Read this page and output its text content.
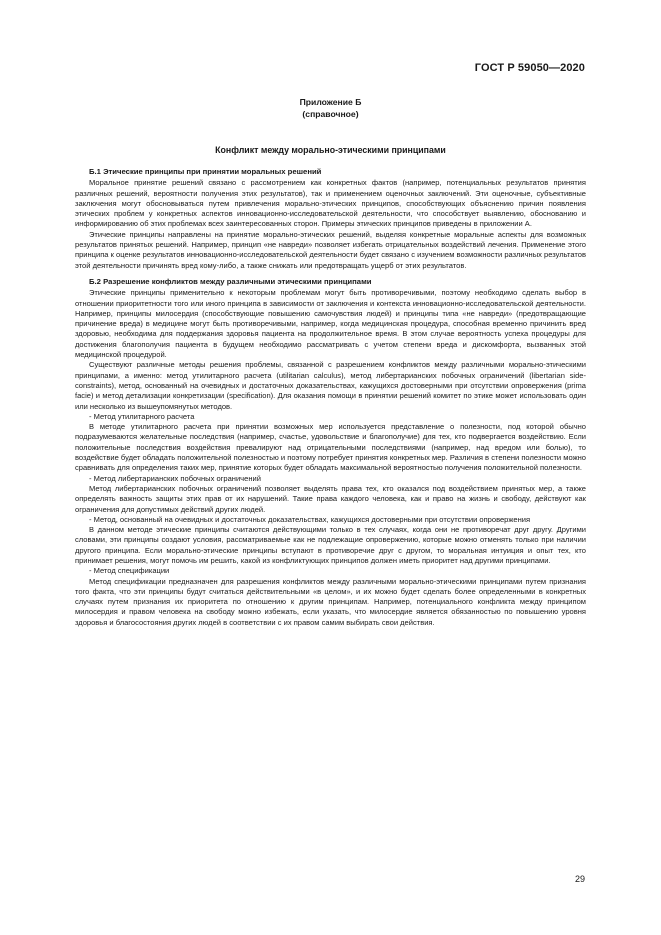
ГОСТ Р 59050—2020
Приложение Б
(справочное)
Конфликт между морально-этическими принципами
Б.1 Этические принципы при принятии моральных решений

Моральное принятие решений связано с рассмотрением как конкретных фактов (например, потенциальных результатов принятия различных решений, вероятности получения этих результатов), так и применением оценочных заключений. Эти оценочные, субъективные заключения могут обосновываться путем привлечения морально-этических принципов, способствующих объяснению причин появления этических проблем у конкретных аспектов инновационно-исследовательской деятельности, что способствует выявлению, обоснованию и информированию об этих проблемах всех заинтересованных сторон. Примеры этических принципов приведены в приложении А.

Этические принципы направлены на принятие морально-этических решений, выделяя конкретные моральные аспекты для возможных результатов принятых решений. Например, принцип «не навреди» позволяет избегать отрицательных воздействий лечения. Применение этого принципа к оценке результатов инновационно-исследовательской деятельности будет связано с изучением возможности различных результатов этой деятельности причинять вред кому-либо, а также снижать или предотвращать ущерб от этих результатов.

Б.2 Разрешение конфликтов между различными этическими принципами

Этические принципы применительно к некоторым проблемам могут быть противоречивыми, поэтому необходимо сделать выбор в отношении приоритетности того или иного принципа в зависимости от заключения и контекста инновационно-исследовательской деятельности. Например, принципы милосердия (способствующие повышению самочувствия людей) и принципы типа «не навреди» (предотвращающие причинение вреда) в медицине могут быть противоречивыми, например, когда медицинская процедура, способная временно причинить вред здоровью, необходима для поддержания здоровья пациента на продолжительное время. В этом случае вероятность успеха процедуры для достижения благополучия пациента в будущем необходимо рассматривать с учетом степени вреда и дискомфорта, вызванных этой медицинской процедурой.

Существуют различные методы решения проблемы, связанной с разрешением конфликтов между различными морально-этическими принципами, а именно: метод утилитарного расчета (utilitarian calculus), метод либертарианских побочных ограничений (libertarian side-constraints), метод, основанный на очевидных и достаточных доказательствах, кажущихся достоверными при отсутствии опровержения (prima facie) и метод детализации конкретизации (specification). Для оказания помощи в принятии решений комитет по этике может использовать один или несколько из вышеупомянутых методов.

- Метод утилитарного расчета

В методе утилитарного расчета при принятии возможных мер используется представление о полезности, под которой обычно подразумеваются желательные последствия (например, счастье, удовольствие и благополучие) для тех, кто подвергается воздействию. Если положительные последствия воздействия превалируют над отрицательными последствиями (например, над вредом или болью), то воздействие будет обладать положительной полезностью и поэтому потребует принятия конкретных мер. Различия в степени полезности можно сравнивать для определения таких мер, принятие которых будет обладать максимальной вероятностью получения положительной полезности.

- Метод либертарианских побочных ограничений

Метод либертарианских побочных ограничений позволяет выделять права тех, кто оказался под воздействием принятых мер, а также определять важность защиты этих прав от их нарушений. Такие права каждого человека, как и право на жизнь и свободу, действуют как ограничения для допустимых действий других людей.

- Метод, основанный на очевидных и достаточных доказательствах, кажущихся достоверными при отсутствии опровержения

В данном методе этические принципы считаются действующими только в тех случаях, когда они не противоречат друг другу. Другими словами, эти принципы создают условия, рассматриваемые как не подлежащие опровержению, которые можно отменять только при наличии другого принципа. Если морально-этические принципы вступают в противоречие друг с другом, то моральная интуиция и опыт тех, кто принимает решения, могут помочь им решить, какой из конфликтующих принципов должен иметь приоритет над другими принципами.

- Метод спецификации

Метод спецификации предназначен для разрешения конфликтов между различными морально-этическими принципами путем признания того факта, что эти принципы будут считаться действительными «в целом», и их можно будет сделать более определенными в конкретных случаях путем признания их приоритета по отношению к другим принципам. Например, потенциального конфликта между принципом милосердия и правом человека на свободу можно избежать, если указать, что милосердие является обязанностью по повышению уровня здоровья и благосостояния других людей в соответствии с их правом самим выбирать свои действия.

29
